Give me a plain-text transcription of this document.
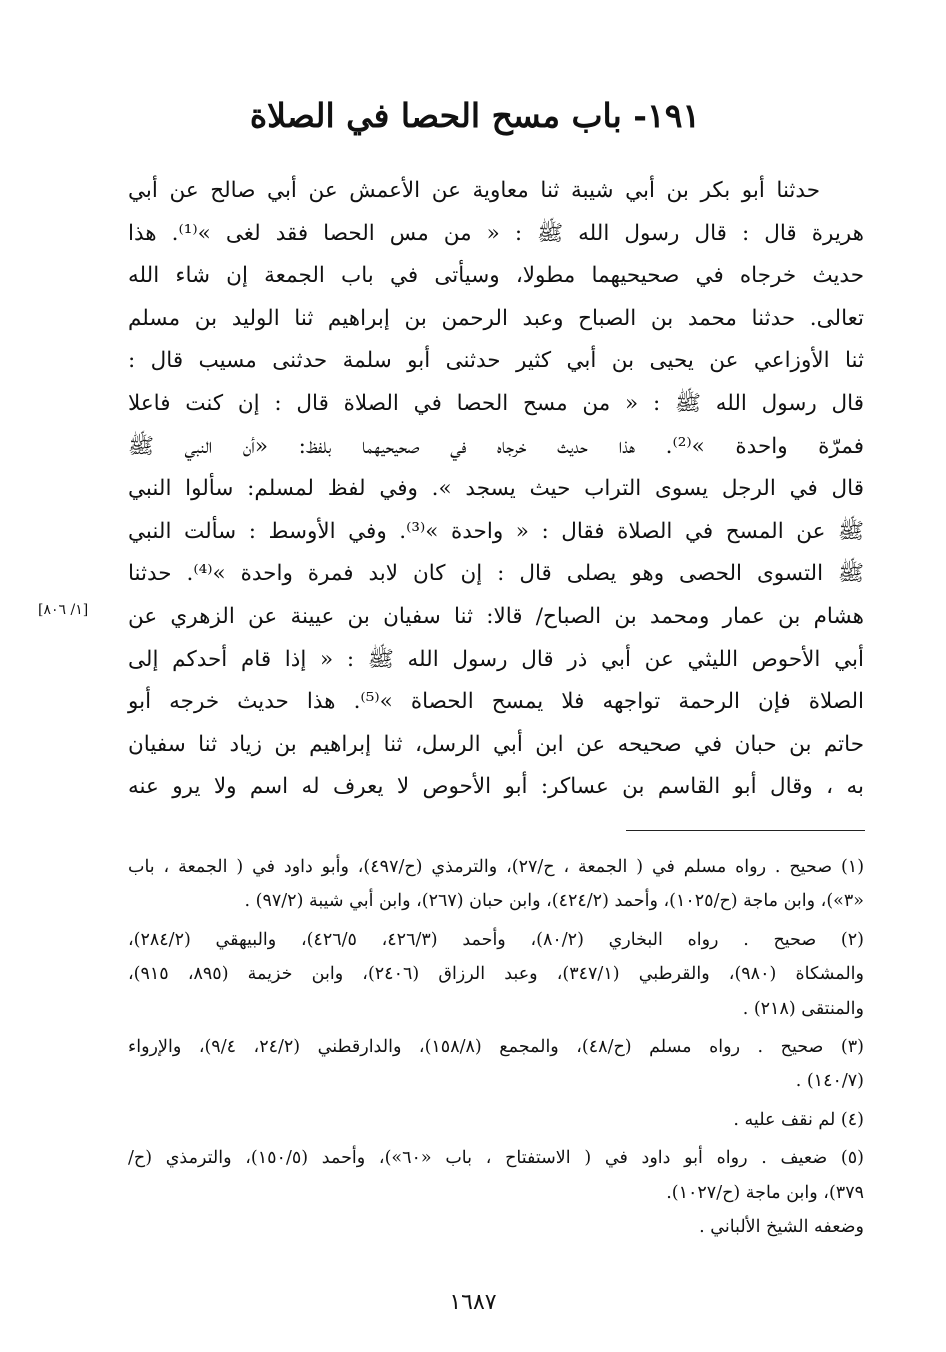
١٩١- باب مسح الحصا في الصلاة
حدثنا أبو بكر بن أبي شيبة ثنا معاوية عن الأعمش عن أبي صالح عن أبي
هريرة قال : قال رسول الله ﷺ : « من مس الحصا فقد لغى »⁽¹⁾. هذا
حديث خرجاه في صحيحيهما مطولا، وسيأتى في باب الجمعة إن شاء الله
تعالى. حدثنا محمد بن الصباح وعبد الرحمن بن إبراهيم ثنا الوليد بن مسلم
ثنا الأوزاعي عن يحيى بن أبي كثير حدثنى أبو سلمة حدثنى مسيب قال :
قال رسول الله ﷺ : « من مسح الحصا في الصلاة قال : إن كنت فاعلا
فمرّة واحدة »⁽²⁾. هذا حديث خرجاه في صحيحيهما بلفظ: «أن النبي ﷺ
قال في الرجل يسوى التراب حيث يسجد ». وفي لفظ لمسلم: سألوا النبي
ﷺ عن المسح في الصلاة فقال : « واحدة »⁽³⁾. وفي الأوسط : سألت النبي
ﷺ التسوى الحصى وهو يصلى قال : إن كان لابد فمرة واحدة »⁽⁴⁾. حدثنا
هشام بن عمار ومحمد بن الصباح/ قالا: ثنا سفيان بن عيينة عن الزهري عن
أبي الأحوص الليثي عن أبي ذر قال رسول الله ﷺ : « إذا قام أحدكم إلى
الصلاة فإن الرحمة تواجهه فلا يمسح الحصاة »⁽⁵⁾. هذا حديث خرجه أبو
حاتم بن حبان في صحيحه عن ابن أبي الرسل، ثنا إبراهيم بن زياد ثنا سفيان
به ، وقال أبو القاسم بن عساكر: أبو الأحوص لا يعرف له اسم ولا يرو عنه
[١/ ٨٠٦]
(١) صحيح . رواه مسلم في ( الجمعة ، ح/٢٧)، والترمذي (ح/٤٩٧)، وأبو داود في ( الجمعة ، باب
«٣»)، وابن ماجة (ح/١٠٢٥)، وأحمد (٤٢٤/٢)، وابن حبان (٢٦٧)، وابن أبي شيبة (٩٧/٢) .
(٢) صحيح . رواه البخاري (٨٠/٢)، وأحمد (٤٢٦/٣، ٤٢٦/٥)، والبيهقي (٢٨٤/٢)،
والمشكاة (٩٨٠)، والقرطبي (٣٤٧/١)، وعبد الرزاق (٢٤٠٦)، وابن خزيمة (٨٩٥، ٩١٥)،
والمنتقى (٢١٨) .
(٣) صحيح . رواه مسلم (ح/٤٨)، والمجمع (١٥٨/٨)، والدارقطني (٢٤/٢، ٩/٤)، والإرواء
(١٤٠/٧) .
(٤) لم نقف عليه .
(٥) ضعيف . رواه أبو داود في ( الاستفتاح ، باب «٦٠»)، وأحمد (١٥٠/٥)، والترمذي (ح/
٣٧٩)، وابن ماجة (ح/١٠٢٧).
وضعفه الشيخ الألباني .
١٦٨٧
